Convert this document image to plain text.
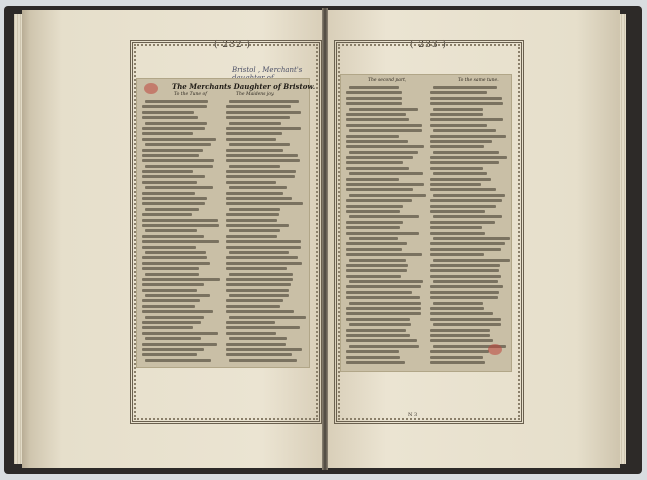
( 232 )
Bristol , Merchant's
The Merchants Daughter of Bristow.
To the Tune of	The Maidens joy.
( 233 )
The second part,	To the same tune.
N 3
